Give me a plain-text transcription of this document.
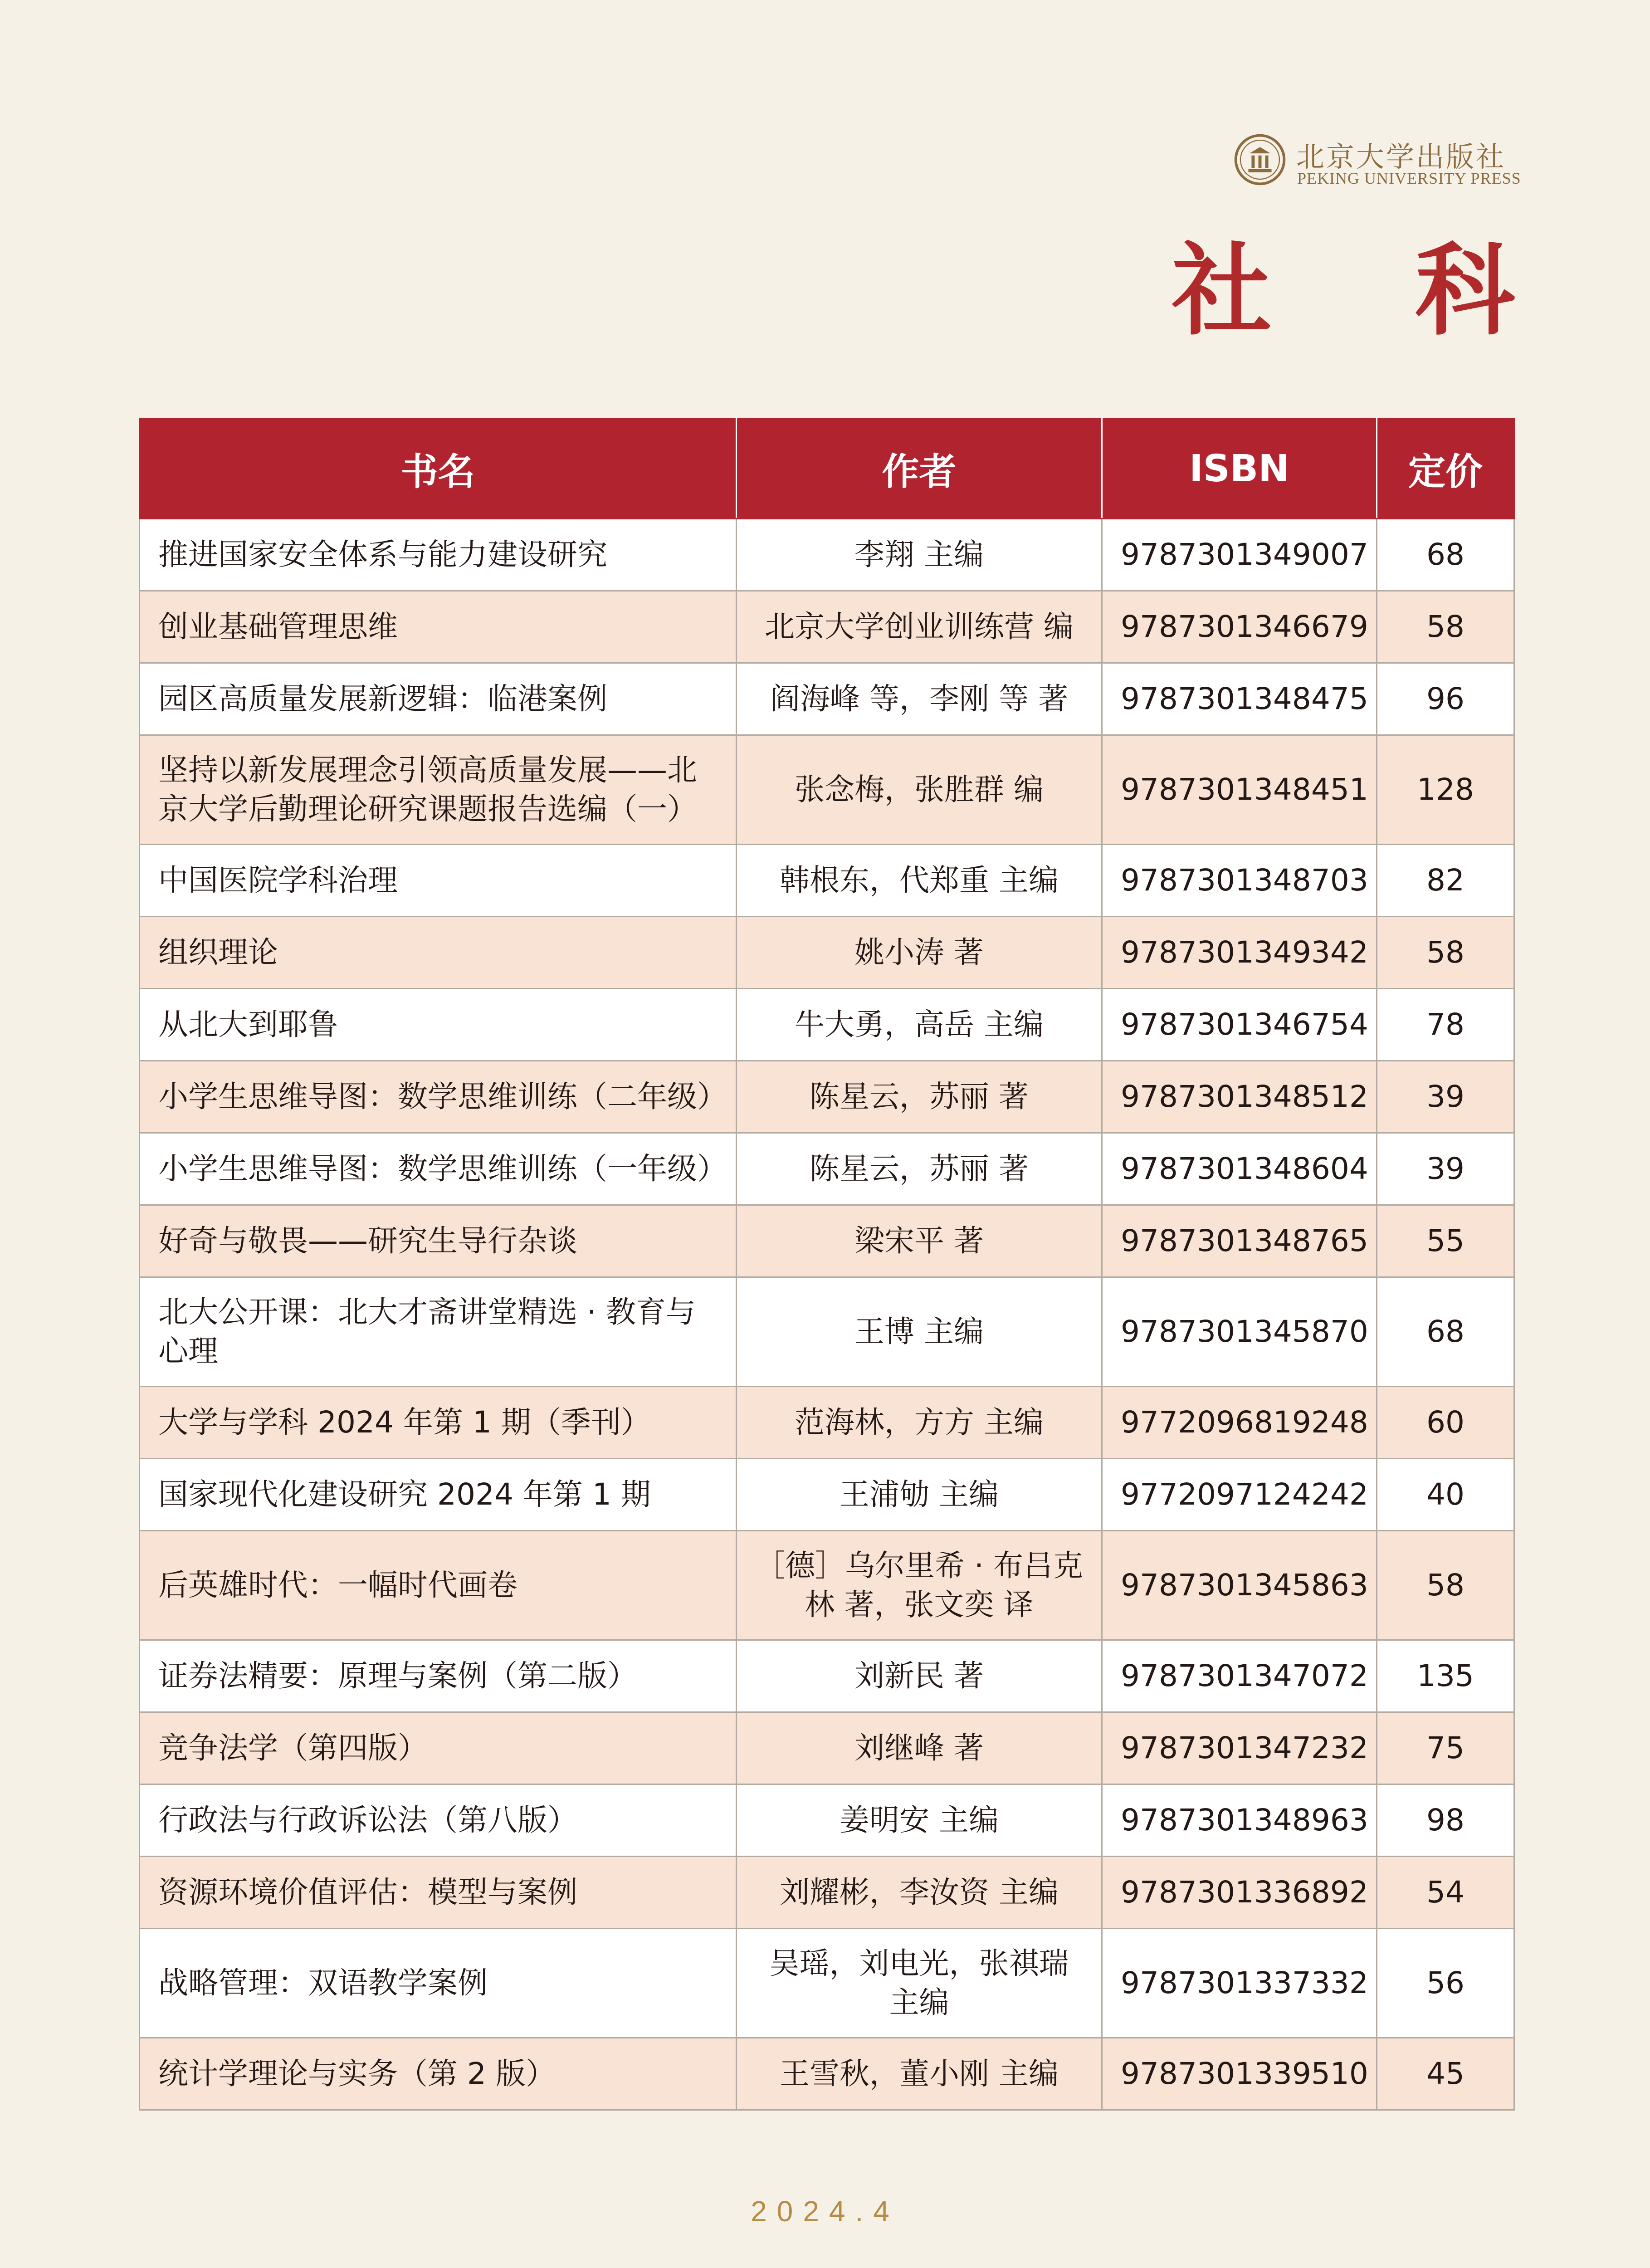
北京大学出版社
PEKING UNIVERSITY PRESS
社 科
书名	作者	ISBN	定价
推进国家安全体系与能力建设研究	李翔 主编	9787301349007	68
创业基础管理思维	北京大学创业训练营 编	9787301346679	58
园区高质量发展新逻辑：临港案例	阎海峰 等，李刚 等 著	9787301348475	96
坚持以新发展理念引领高质量发展——北京大学后勤理论研究课题报告选编（一）	张念梅，张胜群 编	9787301348451	128
中国医院学科治理	韩根东，代郑重 主编	9787301348703	82
组织理论	姚小涛 著	9787301349342	58
从北大到耶鲁	牛大勇，高岳 主编	9787301346754	78
小学生思维导图：数学思维训练（二年级）	陈星云，苏丽 著	9787301348512	39
小学生思维导图：数学思维训练（一年级）	陈星云，苏丽 著	9787301348604	39
好奇与敬畏——研究生导行杂谈	梁宋平 著	9787301348765	55
北大公开课：北大才斋讲堂精选 · 教育与心理	王博 主编	9787301345870	68
大学与学科 2024 年第 1 期（季刊）	范海林，方方 主编	9772096819248	60
国家现代化建设研究 2024 年第 1 期	王浦劬 主编	9772097124242	40
后英雄时代：一幅时代画卷	［德］乌尔里希 · 布吕克林 著，张文奕 译	9787301345863	58
证券法精要：原理与案例（第二版）	刘新民 著	9787301347072	135
竞争法学（第四版）	刘继峰 著	9787301347232	75
行政法与行政诉讼法（第八版）	姜明安 主编	9787301348963	98
资源环境价值评估：模型与案例	刘耀彬，李汝资 主编	9787301336892	54
战略管理：双语教学案例	吴瑶，刘电光，张祺瑞 主编	9787301337332	56
统计学理论与实务（第 2 版）	王雪秋，董小刚 主编	9787301339510	45
2024.4
